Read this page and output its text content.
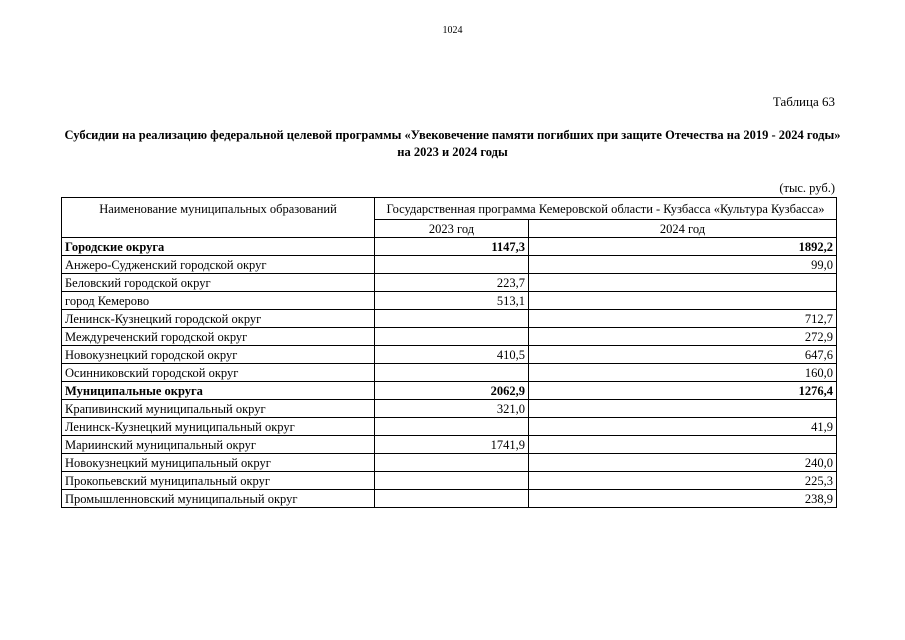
1024
Таблица 63
Субсидии на реализацию федеральной целевой программы «Увековечение памяти погибших при защите Отечества на 2019 - 2024 годы» на 2023 и 2024 годы
(тыс. руб.)
Наименование муниципальных образований	Государственная программа Кемеровской области - Кузбасса «Культура Кузбасса»	
	2023 год	2024 год
Городские округа	1147,3	1892,2
Анжеро-Судженский городской округ		99,0
Беловский городской округ	223,7	
город Кемерово	513,1	
Ленинск-Кузнецкий городской округ		712,7
Междуреченский городской округ		272,9
Новокузнецкий городской округ	410,5	647,6
Осинниковский городской округ		160,0
Муниципальные округа	2062,9	1276,4
Крапивинский муниципальный округ	321,0	
Ленинск-Кузнецкий муниципальный округ		41,9
Мариинский муниципальный округ	1741,9	
Новокузнецкий муниципальный округ		240,0
Прокопьевский муниципальный округ		225,3
Промышленновский муниципальный округ		238,9
